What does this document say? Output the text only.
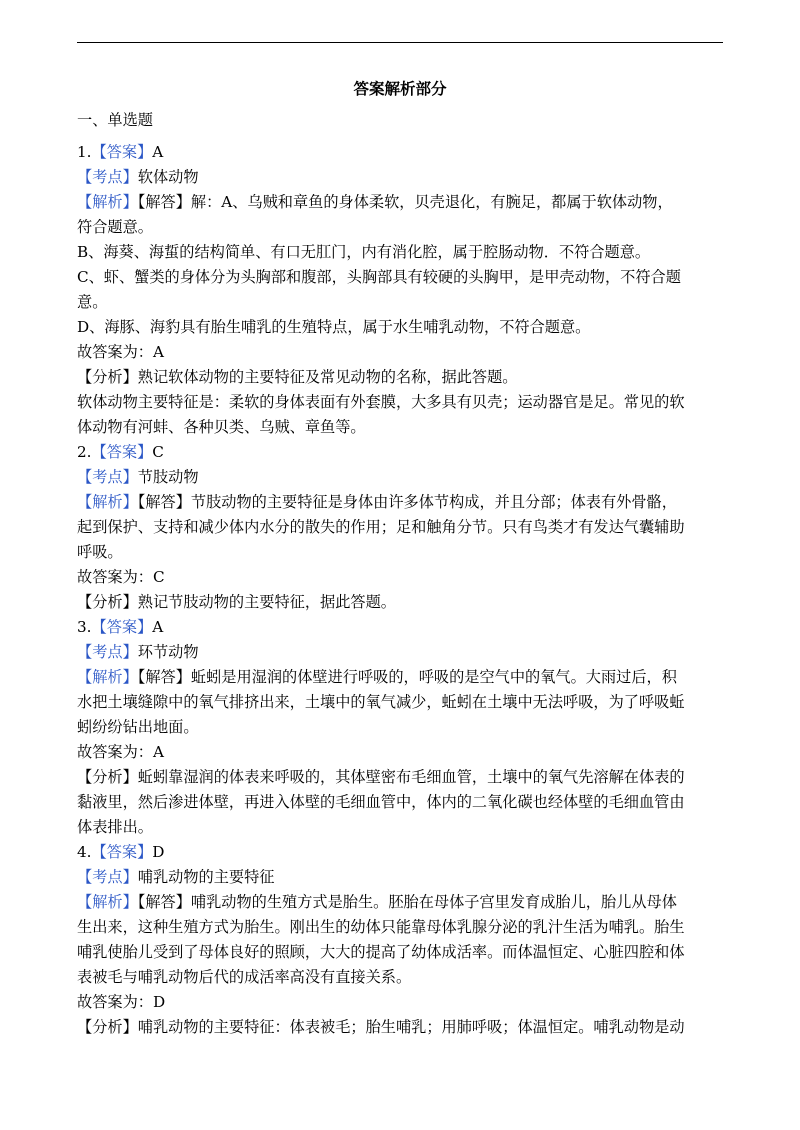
答案解析部分
一、单选题
1.【答案】A
【考点】软体动物
【解析】【解答】解：A、乌贼和章鱼的身体柔软，贝壳退化，有腕足，都属于软体动物，
符合题意。
B、海葵、海蜇的结构简单、有口无肛门，内有消化腔，属于腔肠动物．不符合题意。
C、虾、蟹类的身体分为头胸部和腹部，头胸部具有较硬的头胸甲，是甲壳动物，不符合题
意。
D、海豚、海豹具有胎生哺乳的生殖特点，属于水生哺乳动物，不符合题意。
故答案为：A
【分析】熟记软体动物的主要特征及常见动物的名称，据此答题。
软体动物主要特征是：柔软的身体表面有外套膜，大多具有贝壳；运动器官是足。常见的软
体动物有河蚌、各种贝类、乌贼、章鱼等。
2.【答案】C
【考点】节肢动物
【解析】【解答】节肢动物的主要特征是身体由许多体节构成，并且分部；体表有外骨骼，
起到保护、支持和减少体内水分的散失的作用；足和触角分节。只有鸟类才有发达气囊辅助
呼吸。
故答案为：C
【分析】熟记节肢动物的主要特征，据此答题。
3.【答案】A
【考点】环节动物
【解析】【解答】蚯蚓是用湿润的体壁进行呼吸的，呼吸的是空气中的氧气。大雨过后，积
水把土壤缝隙中的氧气排挤出来，土壤中的氧气减少，蚯蚓在土壤中无法呼吸，为了呼吸蚯
蚓纷纷钻出地面。
故答案为：A
【分析】蚯蚓靠湿润的体表来呼吸的，其体壁密布毛细血管，土壤中的氧气先溶解在体表的
黏液里，然后渗进体壁，再进入体壁的毛细血管中，体内的二氧化碳也经体壁的毛细血管由
体表排出。
4.【答案】D
【考点】哺乳动物的主要特征
【解析】【解答】哺乳动物的生殖方式是胎生。胚胎在母体子宫里发育成胎儿，胎儿从母体
生出来，这种生殖方式为胎生。刚出生的幼体只能靠母体乳腺分泌的乳汁生活为哺乳。胎生
哺乳使胎儿受到了母体良好的照顾，大大的提高了幼体成活率。而体温恒定、心脏四腔和体
表被毛与哺乳动物后代的成活率高没有直接关系。
故答案为：D
【分析】哺乳动物的主要特征：体表被毛；胎生哺乳；用肺呼吸；体温恒定。哺乳动物是动
